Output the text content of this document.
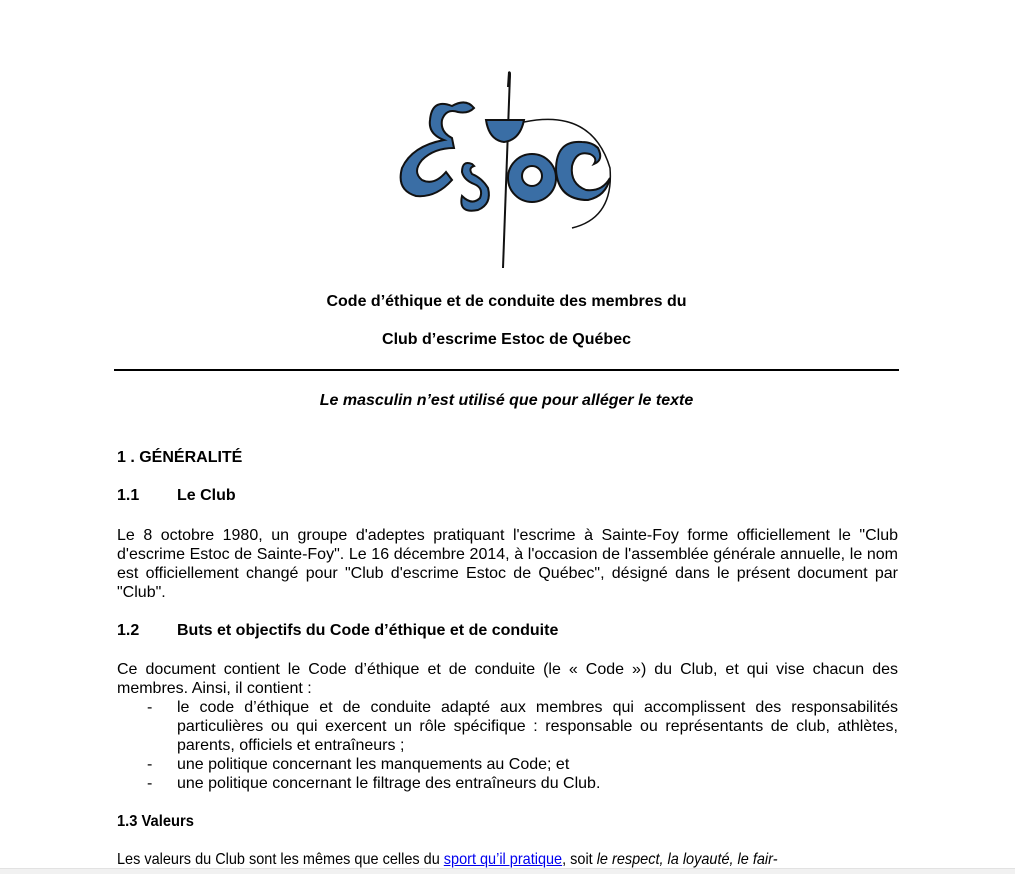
Code d’éthique et de conduite des membres du
Club d’escrime Estoc de Québec
Le masculin n’est utilisé que pour alléger le texte
1 . GÉNÉRALITÉ
1.1 Le Club

Le 8 octobre 1980, un groupe d'adeptes pratiquant l'escrime à Sainte-Foy forme officiellement le "Club d'escrime Estoc de Sainte-Foy". Le 16 décembre 2014, à l'occasion de l'assemblée générale annuelle, le nom est officiellement changé pour "Club d'escrime Estoc de Québec", désigné dans le présent document par "Club".

1.2 Buts et objectifs du Code d’éthique et de conduite

Ce document contient le Code d’éthique et de conduite (le « Code ») du Club, et qui vise chacun des membres. Ainsi, il contient :

- le code d’éthique et de conduite adapté aux membres qui accomplissent des responsabilités particulières ou qui exercent un rôle spécifique : responsable ou représentants de club, athlètes, parents, officiels et entraîneurs ;
- une politique concernant les manquements au Code; et
- une politique concernant le filtrage des entraîneurs du Club.
1.3 Valeurs
Les valeurs du Club sont les mêmes que celles du sport qu’il pratique, soit le respect, la loyauté, le fair-
